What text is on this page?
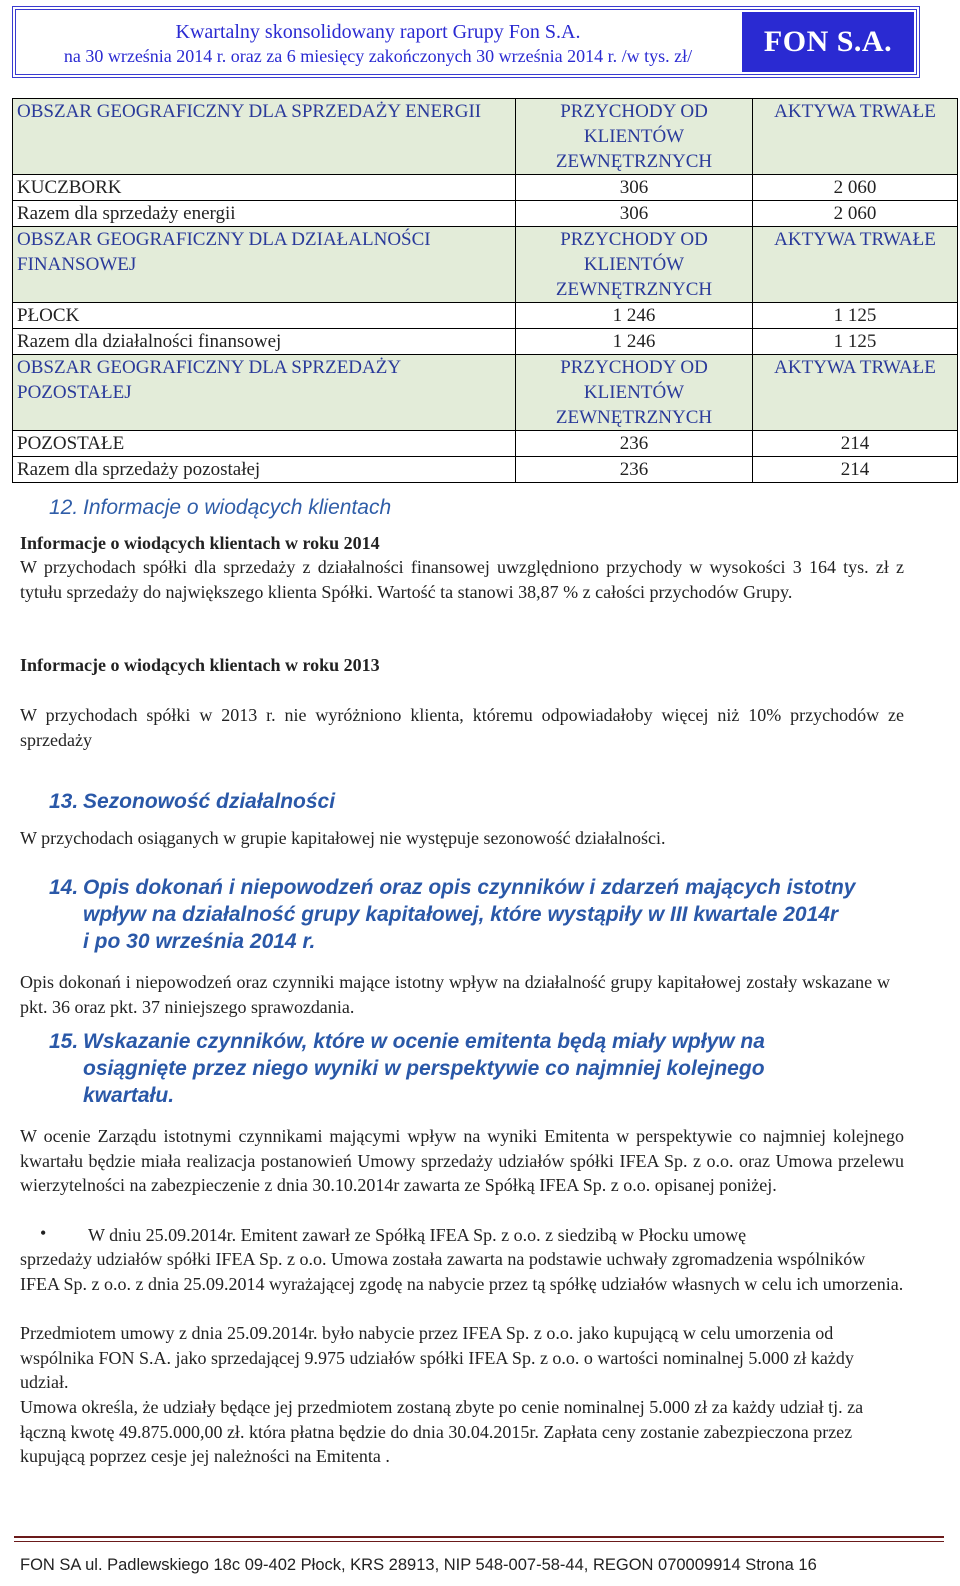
Kwartalny skonsolidowany raport Grupy Fon S.A.
na 30 września 2014 r. oraz za 6 miesięcy zakończonych 30 września 2014 r. /w tys. zł/	FON S.A.
OBSZAR GEOGRAFICZNY DLA SPRZEDAŻY ENERGII	PRZYCHODY OD KLIENTÓW ZEWNĘTRZNYCH	AKTYWA TRWAŁE
KUCZBORK	306	2 060
Razem dla sprzedaży energii	306	2 060
OBSZAR GEOGRAFICZNY DLA DZIAŁALNOŚCI FINANSOWEJ	PRZYCHODY OD KLIENTÓW ZEWNĘTRZNYCH	AKTYWA TRWAŁE
PŁOCK	1 246	1 125
Razem dla działalności finansowej	1 246	1 125
OBSZAR GEOGRAFICZNY DLA SPRZEDAŻY POZOSTAŁEJ	PRZYCHODY OD KLIENTÓW ZEWNĘTRZNYCH	AKTYWA TRWAŁE
POZOSTAŁE	236	214
Razem dla sprzedaży pozostałej	236	214
12. Informacje o wiodących klientach
Informacje o wiodących klientach w roku 2014

W przychodach spółki dla sprzedaży z działalności finansowej uwzględniono przychody w wysokości 3 164 tys. zł z tytułu sprzedaży do największego klienta Spółki. Wartość ta stanowi 38,87 % z całości przychodów Grupy.

Informacje o wiodących klientach w roku 2013

W przychodach spółki w 2013 r. nie wyróżniono klienta, któremu odpowiadałoby więcej niż 10% przychodów ze sprzedaży

13. Sezonowość działalności

W przychodach osiąganych w grupie kapitałowej nie występuje sezonowość działalności.

14. Opis dokonań i niepowodzeń oraz opis czynników i zdarzeń mających istotny
wpływ na działalność grupy kapitałowej, które wystąpiły w III kwartale 2014r
i po 30 września 2014 r.

Opis dokonań i niepowodzeń oraz czynniki mające istotny wpływ na działalność grupy kapitałowej zostały wskazane w pkt. 36 oraz pkt. 37 niniejszego sprawozdania.

15. Wskazanie czynników, które w ocenie emitenta będą miały wpływ na
osiągnięte przez niego wyniki w perspektywie co najmniej kolejnego
kwartału.

W ocenie Zarządu istotnymi czynnikami mającymi wpływ na wyniki Emitenta w perspektywie co najmniej kolejnego kwartału będzie miała realizacja postanowień Umowy sprzedaży udziałów spółki IFEA Sp. z o.o. oraz Umowa przelewu wierzytelności na zabezpieczenie z dnia 30.10.2014r zawarta ze Spółką IFEA Sp. z o.o. opisanej poniżej.

• W dniu 25.09.2014r. Emitent zawarł ze Spółką IFEA Sp. z o.o. z siedzibą w Płocku umowę

sprzedaży udziałów spółki IFEA Sp. z o.o. Umowa została zawarta na podstawie uchwały zgromadzenia wspólników IFEA Sp. z o.o. z dnia 25.09.2014 wyrażającej zgodę na nabycie przez tą spółkę udziałów własnych w celu ich umorzenia.

Przedmiotem umowy z dnia 25.09.2014r. było nabycie przez IFEA Sp. z o.o. jako kupującą w celu umorzenia od wspólnika FON S.A. jako sprzedającej 9.975 udziałów spółki IFEA Sp. z o.o. o wartości nominalnej 5.000 zł każdy udział.

Umowa określa, że udziały będące jej przedmiotem zostaną zbyte po cenie nominalnej 5.000 zł za każdy udział tj. za łączną kwotę 49.875.000,00 zł. która płatna będzie do dnia 30.04.2015r. Zapłata ceny zostanie zabezpieczona przez kupującą poprzez cesje jej należności na Emitenta .

FON SA ul. Padlewskiego 18c 09-402 Płock, KRS 28913, NIP 548-007-58-44, REGON 070009914 Strona 16
